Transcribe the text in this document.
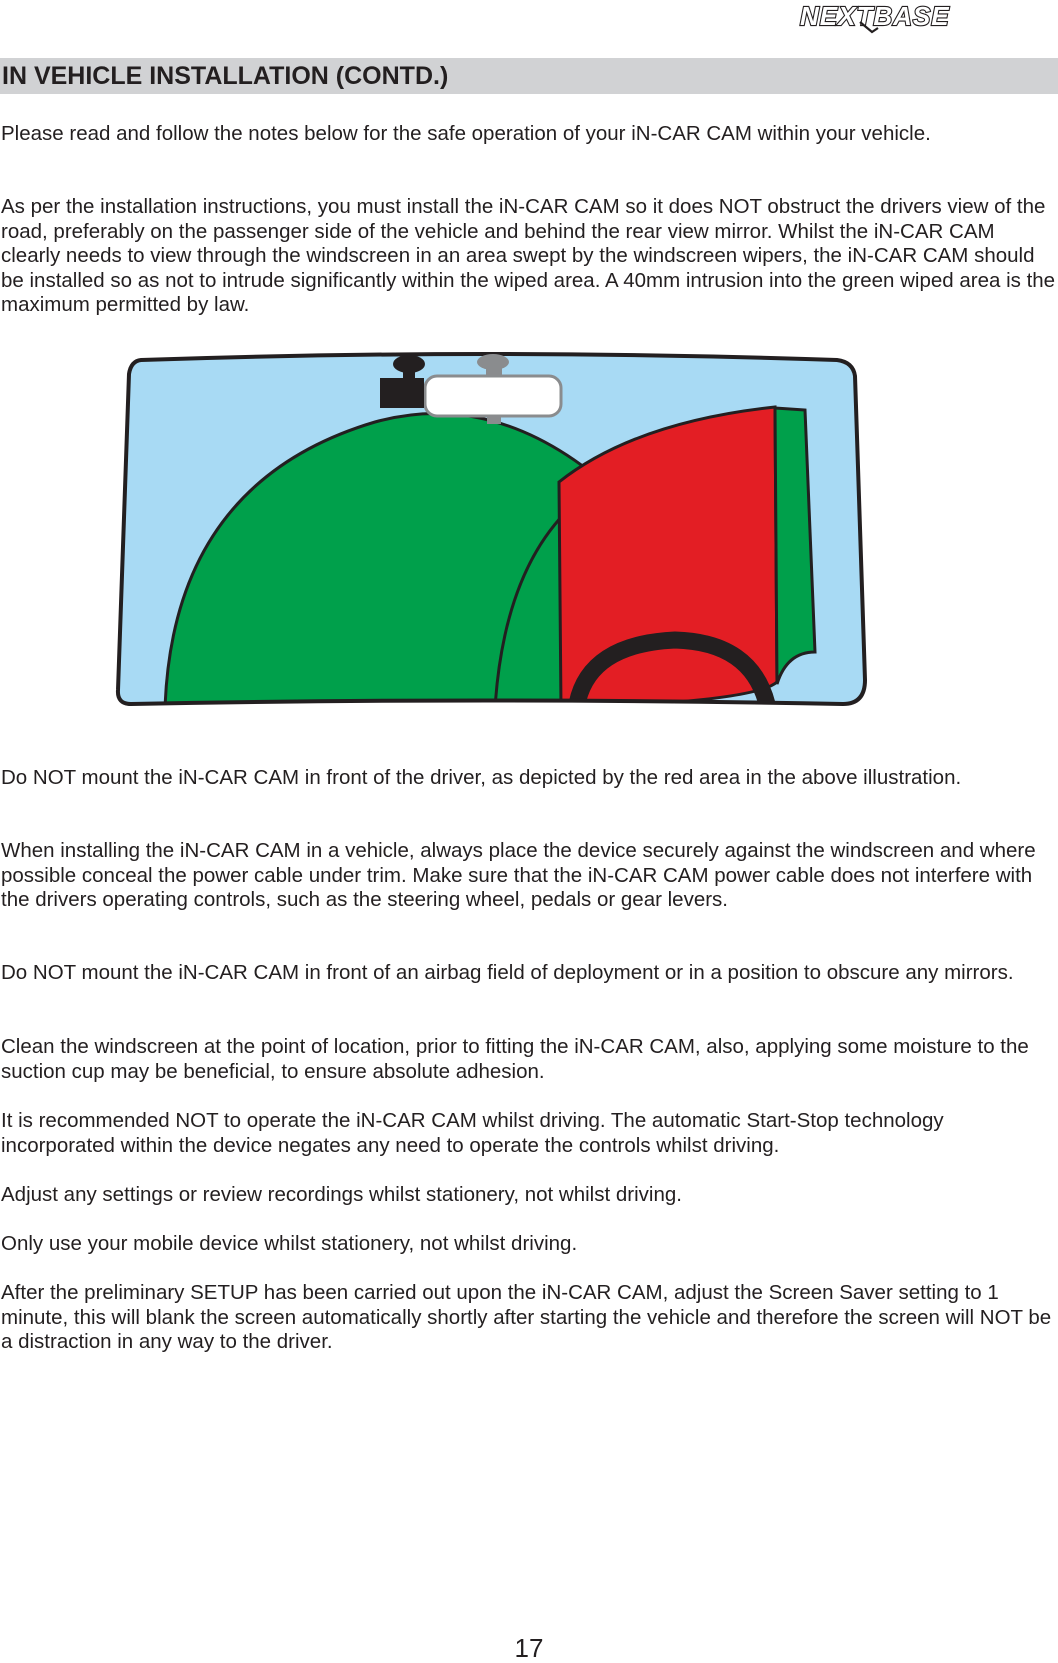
NEXTBASE
IN VEHICLE INSTALLATION (CONTD.)

Please read and follow the notes below for the safe operation of your iN-CAR CAM within your vehicle.

As per the installation instructions, you must install the iN-CAR CAM so it does NOT obstruct the drivers view of the road, preferably on the passenger side of the vehicle and behind the rear view mirror. Whilst the iN-CAR CAM clearly needs to view through the windscreen in an area swept by the windscreen wipers, the iN-CAR CAM should be installed so as not to intrude significantly within the wiped area. A 40mm intrusion into the green wiped area is the maximum permitted by law.

Do NOT mount the iN-CAR CAM in front of the driver, as depicted by the red area in the above illustration.

When installing the iN-CAR CAM in a vehicle, always place the device securely against the windscreen and where possible conceal the power cable under trim. Make sure that the iN-CAR CAM power cable does not interfere with the drivers operating controls, such as the steering wheel, pedals or gear levers.

Do NOT mount the iN-CAR CAM in front of an airbag field of deployment or in a position to obscure any mirrors.

Clean the windscreen at the point of location, prior to fitting the iN-CAR CAM, also, applying some moisture to the suction cup may be beneficial, to ensure absolute adhesion.

It is recommended NOT to operate the iN-CAR CAM whilst driving. The automatic Start-Stop technology incorporated within the device negates any need to operate the controls whilst driving.

Adjust any settings or review recordings whilst stationery, not whilst driving.

Only use your mobile device whilst stationery, not whilst driving.

After the preliminary SETUP has been carried out upon the iN-CAR CAM, adjust the Screen Saver setting to 1 minute, this will blank the screen automatically shortly after starting the vehicle and therefore the screen will NOT be a distraction in any way to the driver.

17
